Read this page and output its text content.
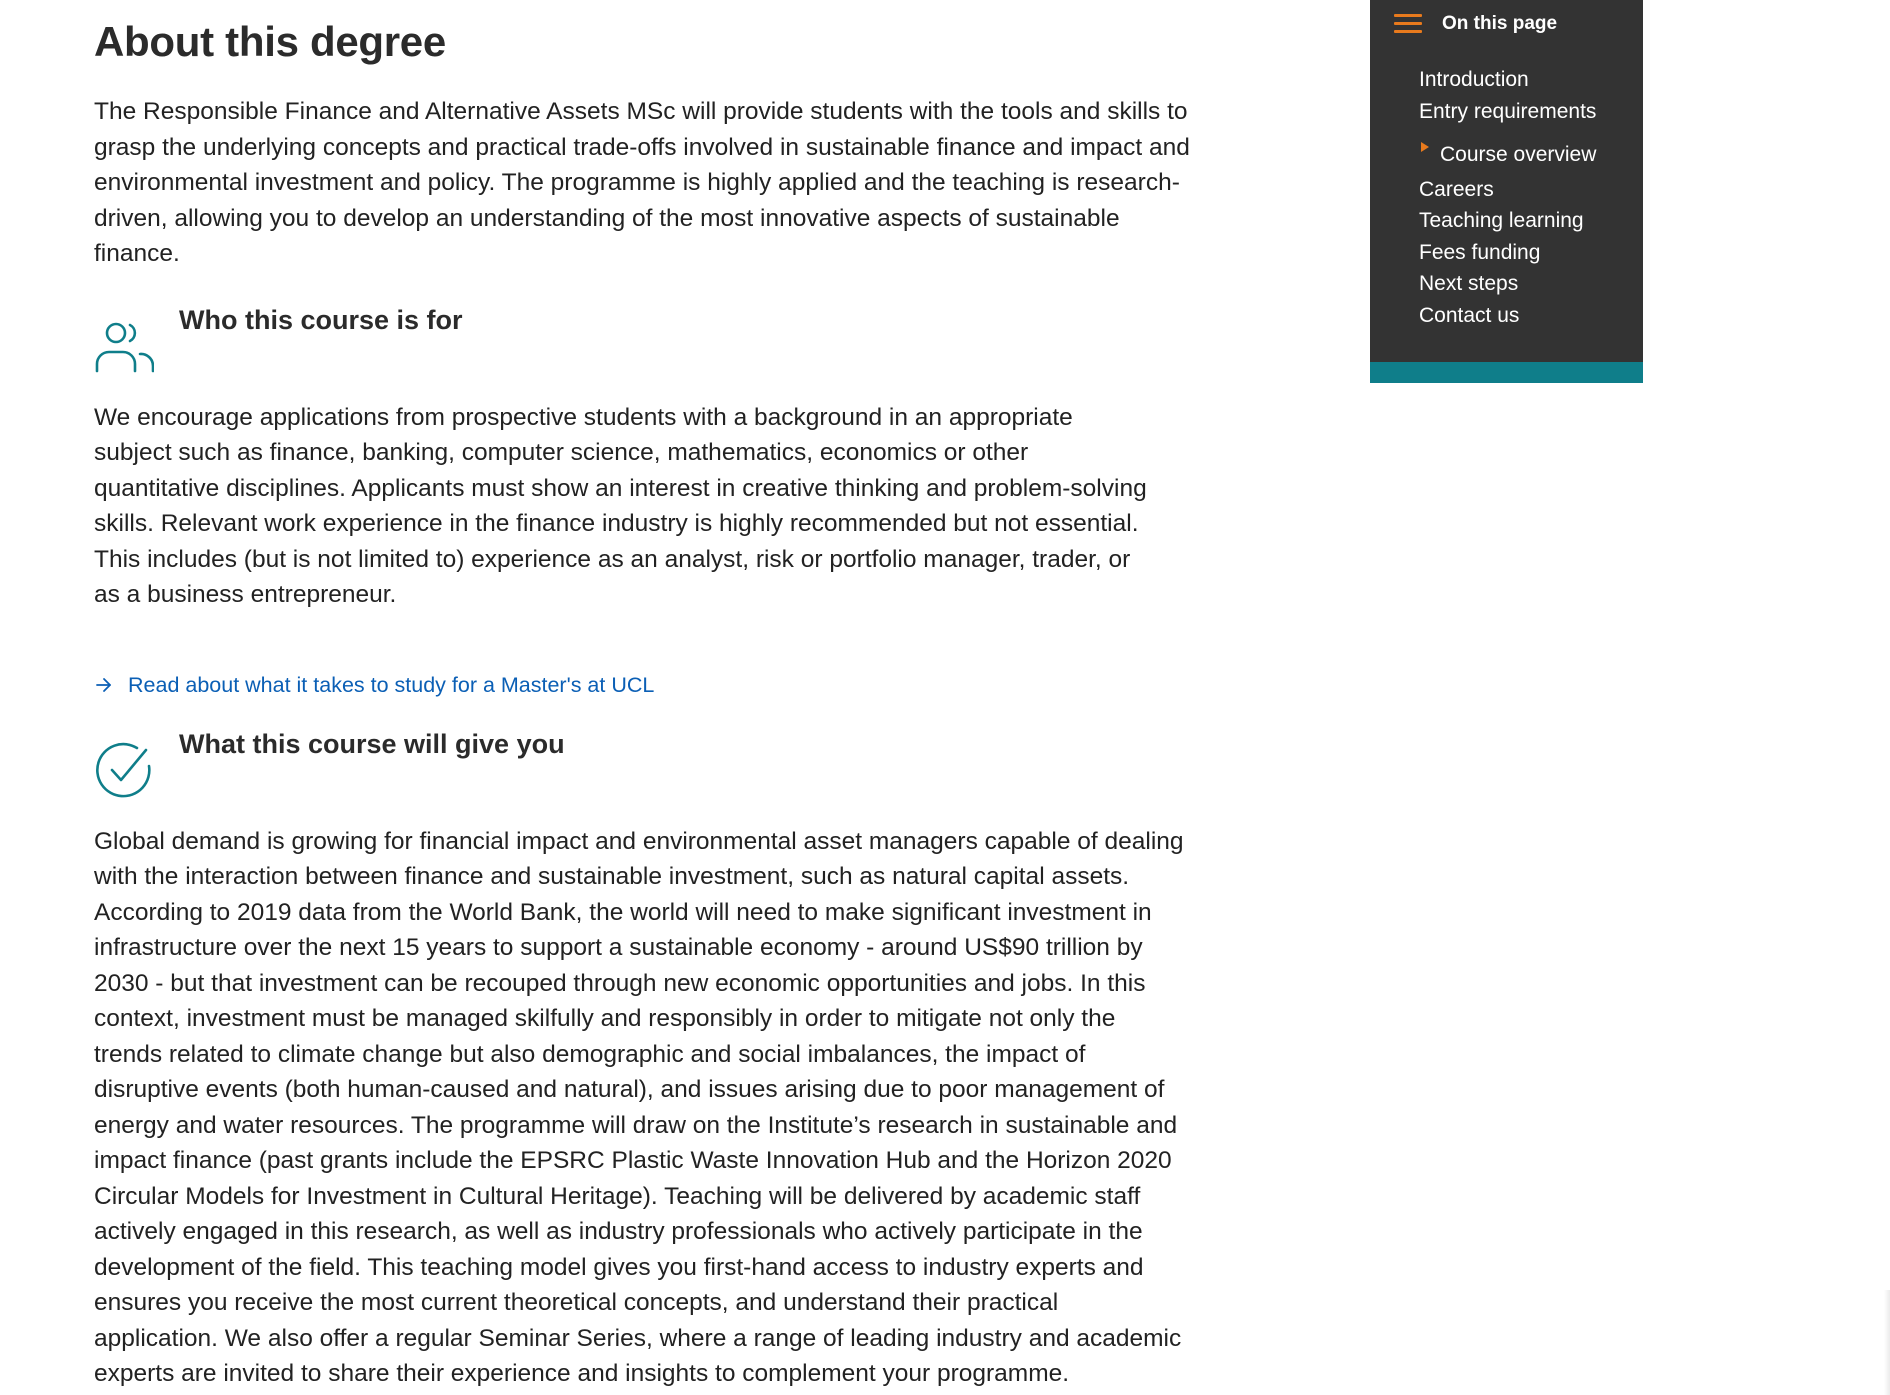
About this degree

The Responsible Finance and Alternative Assets MSc will provide students with the tools and skills to grasp the underlying concepts and practical trade-offs involved in sustainable finance and impact and environmental investment and policy. The programme is highly applied and the teaching is research-driven, allowing you to develop an understanding of the most innovative aspects of sustainable finance.

Who this course is for

We encourage applications from prospective students with a background in an appropriate subject such as finance, banking, computer science, mathematics, economics or other quantitative disciplines. Applicants must show an interest in creative thinking and problem-solving skills. Relevant work experience in the finance industry is highly recommended but not essential. This includes (but is not limited to) experience as an analyst, risk or portfolio manager, trader, or as a business entrepreneur.

Read about what it takes to study for a Master's at UCL
What this course will give you

Global demand is growing for financial impact and environmental asset managers capable of dealing with the interaction between finance and sustainable investment, such as natural capital assets. According to 2019 data from the World Bank, the world will need to make significant investment in infrastructure over the next 15 years to support a sustainable economy - around US$90 trillion by 2030 - but that investment can be recouped through new economic opportunities and jobs. In this context, investment must be managed skilfully and responsibly in order to mitigate not only the trends related to climate change but also demographic and social imbalances, the impact of disruptive events (both human-caused and natural), and issues arising due to poor management of energy and water resources. The programme will draw on the Institute’s research in sustainable and impact finance (past grants include the EPSRC Plastic Waste Innovation Hub and the Horizon 2020 Circular Models for Investment in Cultural Heritage). Teaching will be delivered by academic staff actively engaged in this research, as well as industry professionals who actively participate in the development of the field. This teaching model gives you first-hand access to industry experts and ensures you receive the most current theoretical concepts, and understand their practical application. We also offer a regular Seminar Series, where a range of leading industry and academic experts are invited to share their experience and insights to complement your programme.

On this page
Introduction
Entry requirements
Course overview
Careers
Teaching learning
Fees funding
Next steps
Contact us
